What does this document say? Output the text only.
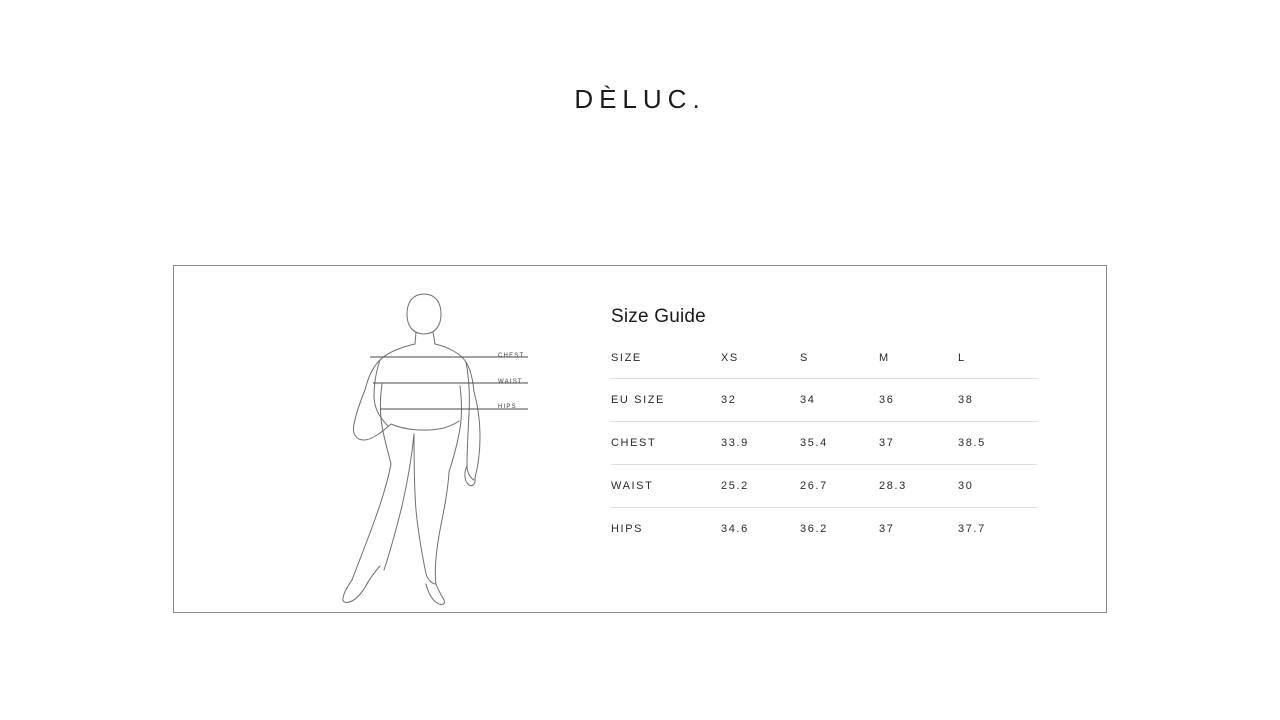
DÈLUC.
CHEST
WAIST
HIPS
Size Guide
SIZE	XS	S	M	L
EU SIZE	32	34	36	38
CHEST	33.9	35.4	37	38.5
WAIST	25.2	26.7	28.3	30
HIPS	34.6	36.2	37	37.7
